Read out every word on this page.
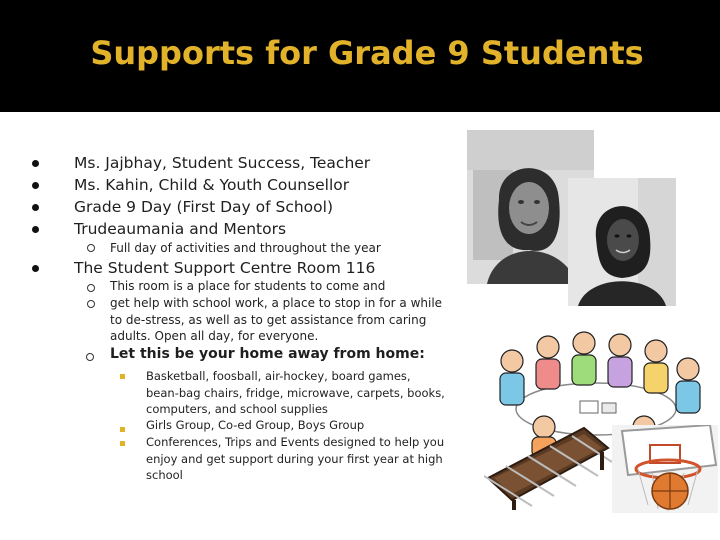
Supports for Grade 9 Students
Ms. Jajbhay, Student Success, Teacher
Ms. Kahin, Child & Youth Counsellor
Grade 9 Day (First Day of School)
Trudeaumania and Mentors
Full day of activities and throughout the year
The Student Support Centre Room 116
This room is a place for students to come and
get help with school work, a place to stop in for a while to de-stress, as well as to get assistance from caring adults. Open all day, for everyone.
Let this be your home away from home:
Basketball, foosball, air-hockey, board games, bean-bag chairs, fridge, microwave, carpets, books, computers, and school supplies
Girls Group, Co-ed Group, Boys Group
Conferences, Trips and Events designed to help you enjoy and get support during your first year at high school
